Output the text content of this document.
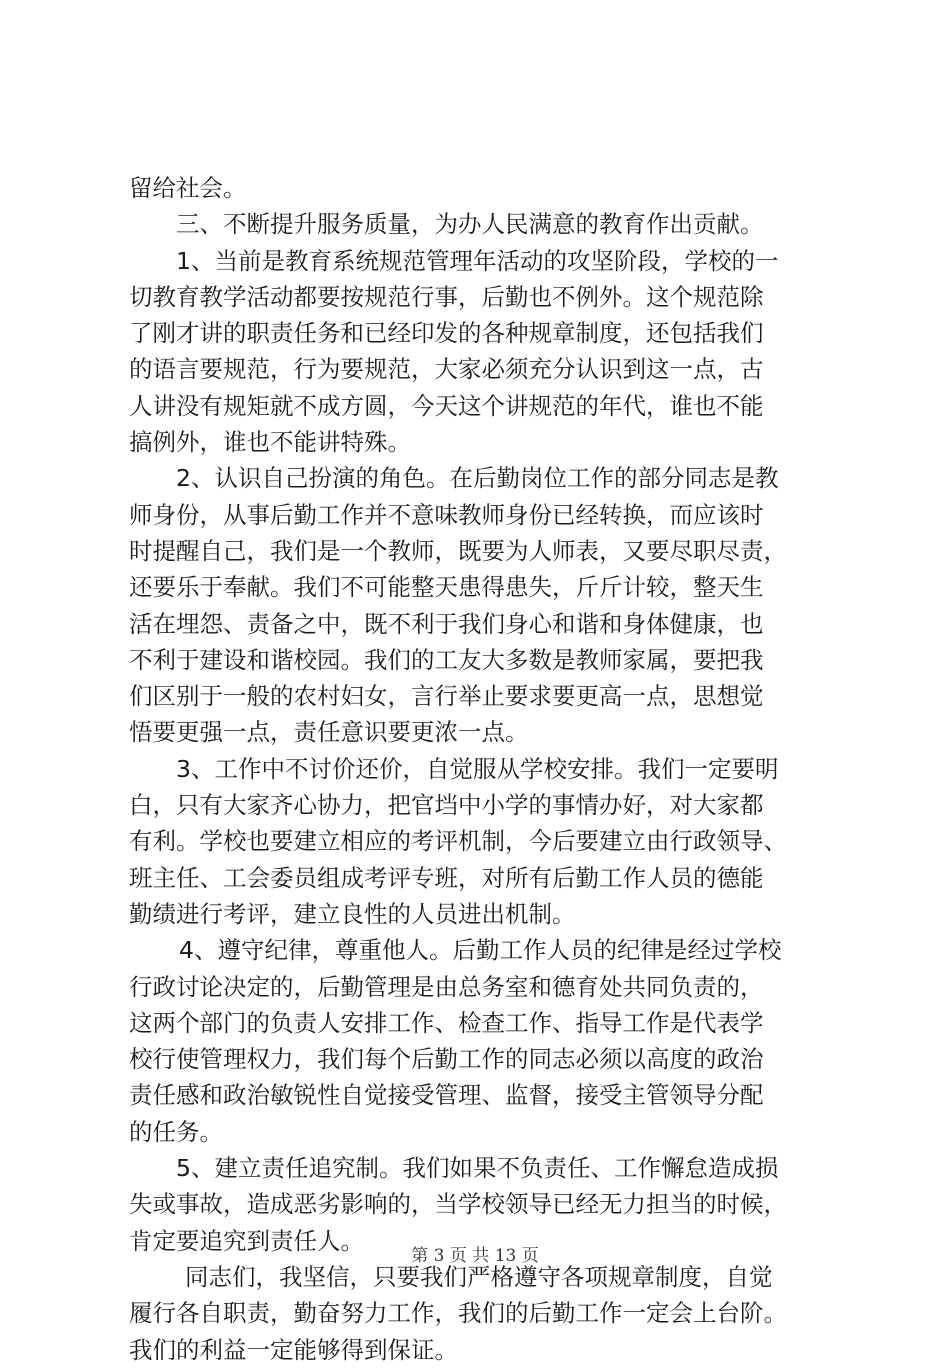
留给社会。
三、不断提升服务质量，为办人民满意的教育作出贡献。
1、当前是教育系统规范管理年活动的攻坚阶段，学校的一
切教育教学活动都要按规范行事，后勤也不例外。这个规范除
了刚才讲的职责任务和已经印发的各种规章制度，还包括我们
的语言要规范，行为要规范，大家必须充分认识到这一点，古
人讲没有规矩就不成方圆，今天这个讲规范的年代，谁也不能
搞例外，谁也不能讲特殊。
2、认识自己扮演的角色。在后勤岗位工作的部分同志是教
师身份，从事后勤工作并不意味教师身份已经转换，而应该时
时提醒自己，我们是一个教师，既要为人师表，又要尽职尽责，
还要乐于奉献。我们不可能整天患得患失，斤斤计较，整天生
活在埋怨、责备之中，既不利于我们身心和谐和身体健康，也
不利于建设和谐校园。我们的工友大多数是教师家属，要把我
们区别于一般的农村妇女，言行举止要求要更高一点，思想觉
悟要更强一点，责任意识要更浓一点。
3、工作中不讨价还价，自觉服从学校安排。我们一定要明
白，只有大家齐心协力，把官垱中小学的事情办好，对大家都
有利。学校也要建立相应的考评机制，今后要建立由行政领导、
班主任、工会委员组成考评专班，对所有后勤工作人员的德能
勤绩进行考评，建立良性的人员进出机制。
4、遵守纪律，尊重他人。后勤工作人员的纪律是经过学校
行政讨论决定的，后勤管理是由总务室和德育处共同负责的，
这两个部门的负责人安排工作、检查工作、指导工作是代表学
校行使管理权力，我们每个后勤工作的同志必须以高度的政治
责任感和政治敏锐性自觉接受管理、监督，接受主管领导分配
的任务。
5、建立责任追究制。我们如果不负责任、工作懈怠造成损
失或事故，造成恶劣影响的，当学校领导已经无力担当的时候，
肯定要追究到责任人。
同志们，我坚信，只要我们严格遵守各项规章制度，自觉
履行各自职责，勤奋努力工作，我们的后勤工作一定会上台阶。
我们的利益一定能够得到保证。
第 3 页 共 13 页
